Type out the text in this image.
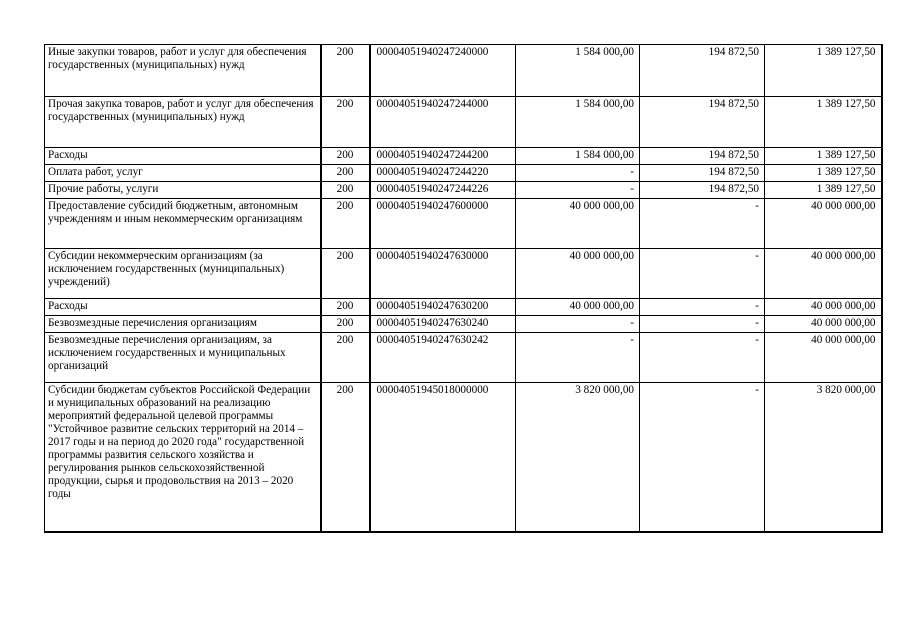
Иные закупки товаров, работ и услуг для обеспечения государственных (муниципальных) нужд	200	00004051940247240000	1 584 000,00	194 872,50	1 389 127,50
Прочая закупка товаров, работ и услуг для обеспечения государственных (муниципальных) нужд	200	00004051940247244000	1 584 000,00	194 872,50	1 389 127,50
Расходы	200	00004051940247244200	1 584 000,00	194 872,50	1 389 127,50
Оплата работ, услуг	200	00004051940247244220	-	194 872,50	1 389 127,50
Прочие работы, услуги	200	00004051940247244226	-	194 872,50	1 389 127,50
Предоставление субсидий бюджетным, автономным учреждениям и иным некоммерческим организациям	200	00004051940247600000	40 000 000,00	-	40 000 000,00
Субсидии некоммерческим организациям (за исключением государственных (муниципальных) учреждений)	200	00004051940247630000	40 000 000,00	-	40 000 000,00
Расходы	200	00004051940247630200	40 000 000,00	-	40 000 000,00
Безвозмездные перечисления организациям	200	00004051940247630240	-	-	40 000 000,00
Безвозмездные перечисления организациям, за исключением государственных и муниципальных организаций	200	00004051940247630242	-	-	40 000 000,00
Субсидии бюджетам субъектов Российской Федерации и муниципальных образований на реализацию мероприятий федеральной целевой программы "Устойчивое развитие сельских территорий на 2014 – 2017 годы и на период до 2020 года" государственной программы развития сельского хозяйства и регулирования рынков сельскохозяйственной продукции, сырья и продовольствия на 2013 – 2020 годы	200	00004051945018000000	3 820 000,00	-	3 820 000,00
